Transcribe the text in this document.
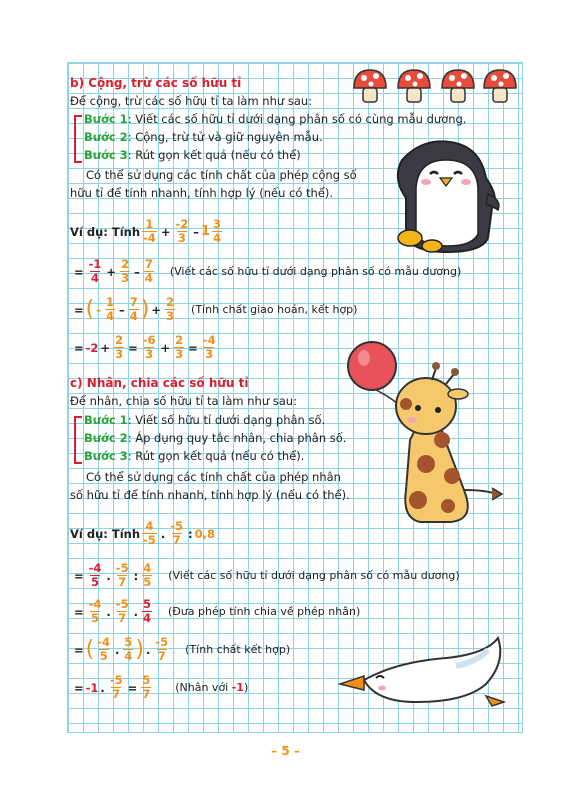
b) Cộng, trừ các số hữu tỉ
Để cộng, trừ các số hữu tỉ ta làm như sau:
Bước 1: Viết các số hữu tỉ dưới dạng phân số có cùng mẫu dương.
Bước 2: Cộng, trừ tử và giữ nguyên mẫu.
Bước 3: Rút gọn kết quả (nếu có thể)
Có thể sử dụng các tính chất của phép cộng số
hữu tỉ để tính nhanh, tính hợp lý (nếu có thể).
Ví dụ: Tính $\frac{1}{-4} + \frac{-2}{3} - 1 \frac{3}{4}$
= $\frac{-1}{4} + \frac{2}{3} - \frac{7}{4}$ (Viết các số hữu tỉ dưới dạng phân số có mẫu dương)
= ( - $\frac{1}{4} - \frac{7}{4}$ ) + $\frac{2}{3}$ (Tính chất giao hoán, kết hợp)
= $-2 + \frac{2}{3} = \frac{-6}{3} + \frac{2}{3} = \frac{-4}{3}$
c) Nhân, chia các số hữu tỉ
Để nhân, chia số hữu tỉ ta làm như sau:
Bước 1: Viết số hữu tỉ dưới dạng phân số.
Bước 2: Áp dụng quy tắc nhân, chia phân số.
Bước 3: Rút gọn kết quả (nếu có thể).
Có thể sử dụng các tính chất của phép nhân
số hữu tỉ để tính nhanh, tính hợp lý (nếu có thể).
Ví dụ: Tính $\frac{4}{-5}$ . $\frac{-5}{7}$ : 0,8
= $\frac{-4}{5}$ . $\frac{-5}{7}$ : $\frac{4}{5}$ (Viết các số hữu tỉ dưới dạng phân số có mẫu dương)
= $\frac{-4}{5}$ . $\frac{-5}{7}$ . $\frac{5}{4}$ (Đưa phép tính chia về phép nhân)
= ( $\frac{-4}{5}$ . $\frac{5}{4}$ ) . $\frac{-5}{7}$ (Tính chất kết hợp)
= -1 . $\frac{-5}{7} = \frac{5}{7}$ (Nhân với -1)
– 5 –
